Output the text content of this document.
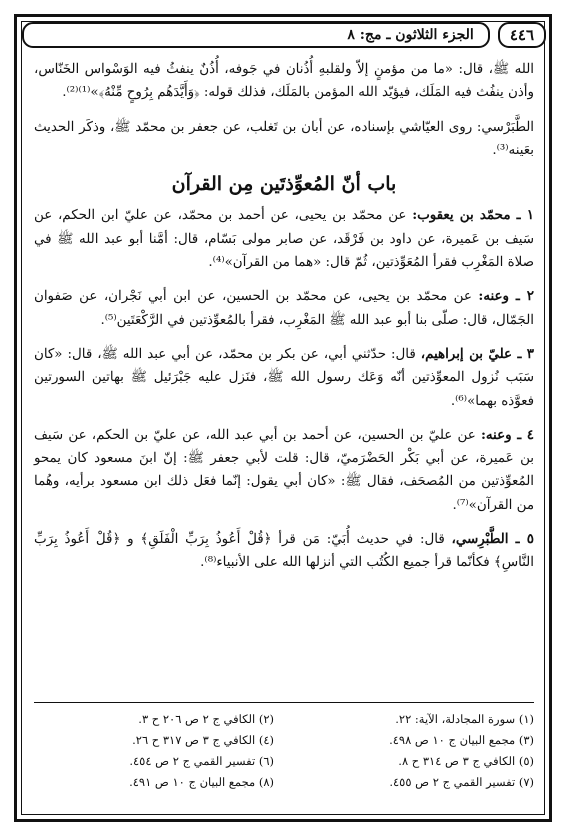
٤٤٦
الجزء الثلاثون ـ مج: ٨

الله ﷺ، قال: «ما من مؤمنٍ إلاّ ولقلبهِ أُذُنان في جَوفه، أُذُنٌ ينفثُ فيه الوَسْواس الخَنّاس، وأذن ينفُث فيه المَلَك، فيؤيّد الله المؤمن بالمَلَك، فذلك قوله: ﴿وَأَيَّدَهُم بِرُوحٍ مِّنْهُ﴾»⁽¹⁾⁽²⁾.

الطَّبَرْسي: روى العيّاشي بإسناده، عن أبان بن تَغلب، عن جعفر بن محمّد ﷺ، وذكَر الحديث بعَينه⁽³⁾.

باب أنّ المُعوِّذتَين مِن القرآن

١ ـ محمّد بن يعقوب: عن محمّد بن يحيى، عن أحمد بن محمّد، عن عليّ ابن الحكم، عن سَيف بن عَميرة، عن داود بن فَرْقَد، عن صابر مولى بَسّام، قال: أمَّنا أبو عبد الله ﷺ في صلاة المَغْرِب فقرأ المُعَوِّذتين، ثُمّ قال: «هما من القرآن»⁽⁴⁾.

٢ ـ وعنه: عن محمّد بن يحيى، عن محمّد بن الحسين، عن ابن أبي نَجْران، عن صَفوان الجَمّال، قال: صلّى بنا أبو عبد الله ﷺ المَغْرِب، فقرأ بالمُعوِّذتين في الرَّكْعَتَين⁽⁵⁾.

٣ ـ عليّ بن إبراهيم، قال: حدّثني أبي، عن بكر بن محمّد، عن أبي عبد الله ﷺ، قال: «كان سَبَب نُزول المعوِّذتين أنّه وَعَك رسول الله ﷺ، فنَزل عليه جَبْرَئيل ﷺ بهاتين السورتين فعوَّذه بهما»⁽⁶⁾.

٤ ـ وعنه: عن عليّ بن الحسين، عن أحمد بن أبي عبد الله، عن عليّ بن الحكم، عن سَيف بن عَميرة، عن أبي بَكْر الحَضْرَميّ، قال: قلت لأبي جعفر ﷺ: إنّ ابنَ مسعود كان يمحو المُعوِّذتين من المُصحَف، فقال ﷺ: «كان أبي يقول: إنّما فعَل ذلك ابن مسعود برأيه، وهُما من القرآن»⁽⁷⁾.

٥ ـ الطَّبْرِسي، قال: في حديث أُبَيّ: مَن قرأ ﴿قُلْ أَعُوذُ بِرَبِّ الْفَلَقِ﴾ و ﴿قُلْ أَعُوذُ بِرَبِّ النَّاسِ﴾ فكأنّما قرأ جميع الكُتُب التي أنزلها الله على الأنبياء⁽⁸⁾.

(١) سورة المجادلة، الآية: ٢٢.
(٢) الكافي ج ٢ ص ٢٠٦ ح ٣.
(٣) مجمع البيان ج ١٠ ص ٤٩٨.
(٤) الكافي ج ٣ ص ٣١٧ ح ٢٦.
(٥) الكافي ج ٣ ص ٣١٤ ح ٨.
(٦) تفسير القمي ج ٢ ص ٤٥٤.
(٧) تفسير القمي ج ٢ ص ٤٥٥.
(٨) مجمع البيان ج ١٠ ص ٤٩١.
